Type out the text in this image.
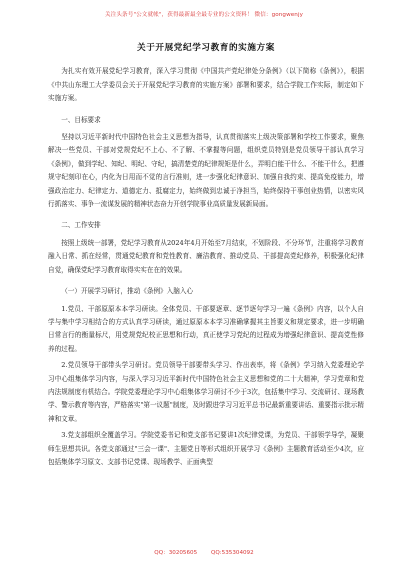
关注头条号"公文就帐"，获得最新最全最专业的公文资料！ 微信：gongwenjy
关于开展党纪学习教育的实施方案

为扎实有效开展党纪学习教育，深入学习贯彻《中国共产党纪律处分条例》（以下简称《条例》），根据《中共山东理工大学委员会关于开展党纪学习教育的实施方案》部署和要求，结合学院工作实际，制定如下实施方案。

一、目标要求

坚持以习近平新时代中国特色社会主义思想为指导，认真贯彻落实上级决策部署和学校工作要求，聚焦解决一些党员、干部对党规党纪不上心、不了解、不掌握等问题，组织党员特别是党员领导干部认真学习《条例》，做到学纪、知纪、明纪、守纪，搞清楚党的纪律规矩是什么，弄明白能干什么、不能干什么，把遵规守纪刻印在心，内化为日用而不觉的言行准则，进一步强化纪律意识、加强自我约束、提高免疫能力，增强政治定力、纪律定力、道德定力、抵腐定力，始终做到忠诚于净担当，始终保持干事创业热情，以密实风行抓落实、事争一流谋发展的精神状态奋力开创学院事业高质量发展新局面。

二、工作安排

按照上级统一部署，党纪学习教育从2024年4月开始至7月结束，不划阶段、不分环节，注重将学习教育融入日常、抓在经常，贯通党纪教育和党性教育、廉洁教育、推动党员、干部提高党纪修养，积极强化纪律自觉，确保党纪学习教育取得实实在在的效果。

（一）开展学习研讨，推动《条例》入脑入心

1.党员、干部原原本本学习研读。全体党员、干部要逐章、逐节逐句学习一遍《条例》内容，以个人自学与集中学习相结合的方式认真学习研读，通过原原本本学习准确掌握其主旨要义和规定要求，进一步明确日常言行的衡量标尺，用党规党纪校正思想和行动，真正使学习党纪的过程成为增强纪律意识、提高党性修养的过程。

2.党员领导干部带头学习研讨。党员领导干部要带头学习、作出表率，将《条例》学习纳入党委理论学习中心组集体学习内容，与深入学习习近平新时代中国特色社会主义思想和党的二十大精神，学习党章和党内法规制度有机结合。学院党委理论学习中心组集体学习研讨不少于3次，包括集中学习、交流研讨、现场教学、警示教育等内容，严格落实"第一议题"制度，及时跟进学习习近平总书记最新重要讲话、重要指示批示精神和文章。

3.党支部组织全覆盖学习。学院党委书记和党支部书记要讲1次纪律党课，为党员、干部领学导学，凝聚师生思想共识。各党支部通过"三会一课"、主题党日等形式组织开展学习《条例》主题教育活动至少4次，应包括集体学习原文、支部书记党课、现场教学、正面典型

QQ：30205605 QQ:535304092
